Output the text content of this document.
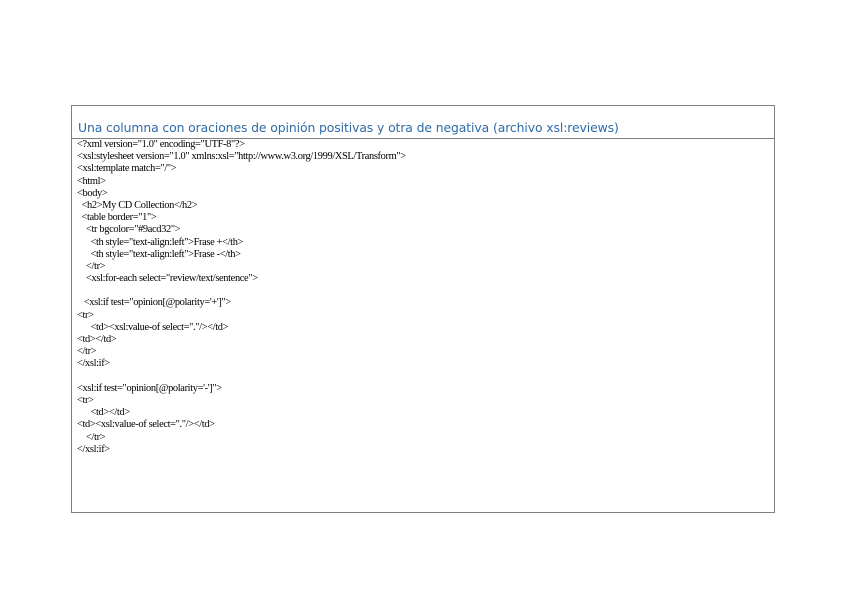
Una columna con oraciones de opinión positivas y otra de negativa (archivo xsl:reviews)
<?xml version="1.0" encoding="UTF-8"?>
<xsl:stylesheet version="1.0" xmlns:xsl="http://www.w3.org/1999/XSL/Transform">
<xsl:template match="/">
<html>
<body>
<h2>My CD Collection</h2>
<table border="1">
<tr bgcolor="#9acd32">
<th style="text-align:left">Frase +</th>
<th style="text-align:left">Frase -</th>
</tr>
<xsl:for-each select="review/text/sentence">
<xsl:if test="opinion[@polarity='+']">
<tr>
<td><xsl:value-of select="."/></td>
<td></td>
</tr>
</xsl:if>
<xsl:if test="opinion[@polarity='-']">
<tr>
<td></td>
<td><xsl:value-of select="."/></td>
</tr>
</xsl:if>
